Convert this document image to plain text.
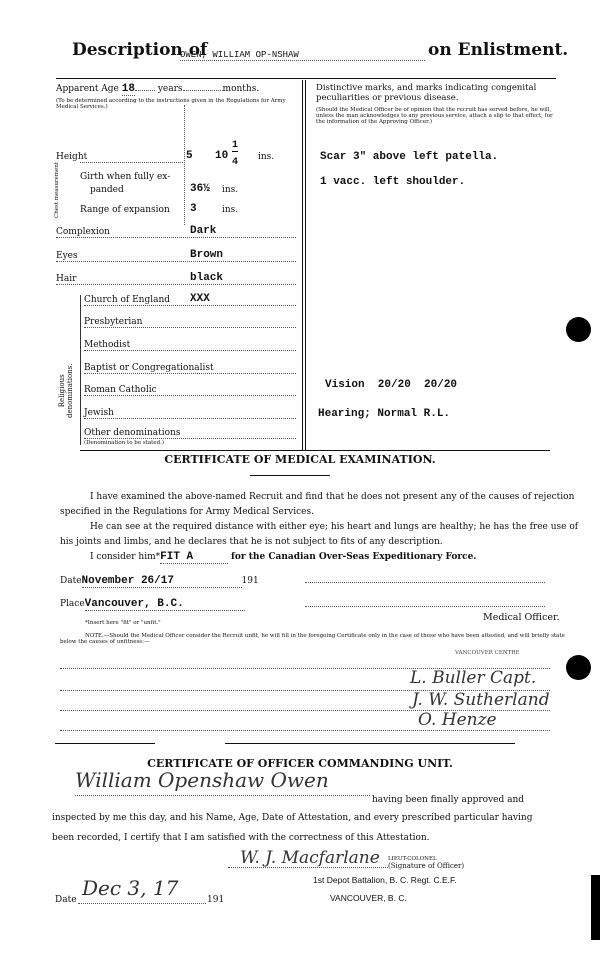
Description of
OWEN, WILLIAM OP-NSHAW	on Enlistment.
Apparent Age 18	years	months.
(To be determined according to the instructions given in the Regulations for Army Medical Services.)
Height
	5 10
1
4 ins.
Chest measurement Girth when fully ex-
panded	36½ ins.
Range of expansion 3	ins.
Complexion	Dark
Eyes	Brown
Hair	black
Religious denominations.
Church of England XXX
Presbyterian
Methodist
Baptist or Congregationalist
Roman Catholic
Jewish
Other denominations
(Denomination to be stated.)
Distinctive marks, and marks indicating congenital peculiarities or previous disease.
(Should the Medical Officer be of opinion that the recruit has served before, he will, unless the man acknowledges to any previous service, attach a slip to that effect, for the information of the Approving Officer.)
Scar 3" above left patella.
1 vacc. left shoulder.
Vision  20/20  20/20
Hearing; Normal R.L.
CERTIFICATE OF MEDICAL EXAMINATION.
I have examined the above-named Recruit and find that he does not present any of the causes of rejection specified in the Regulations for Army Medical Services.
He can see at the required distance with either eye; his heart and lungs are healthy; he has the free use of his joints and limbs, and he declares that he is not subject to fits of any description.
I consider him*FIT A	for the Canadian Over-Seas Expeditionary Force.
DateNovember 26/17	191
PlaceVancouver, B.C.
Medical Officer.
*Insert here "fit" or "unfit."
NOTE.—Should the Medical Officer consider the Recruit unfit, he will fill in the foregoing Certificate only in the case of those who have been attested, and will briefly state below the causes of unfitness:—
VANCOUVER CENTRE
L. Buller Capt.
J. W. Sutherland
O. Henze
CERTIFICATE OF OFFICER COMMANDING UNIT.
William Openshaw Owen
having been finally approved and
inspected by me this day, and his Name, Age, Date of Attestation, and every prescribed particular having
been recorded, I certify that I am satisfied with the correctness of this Attestation.
W. J. Macfarlane LIEUT-COLONEL
(Signature of Officer)
1st Depot Battalion, B. C. Regt. C.E.F.
VANCOUVER, B. C.
Date Dec 3, 17	191
